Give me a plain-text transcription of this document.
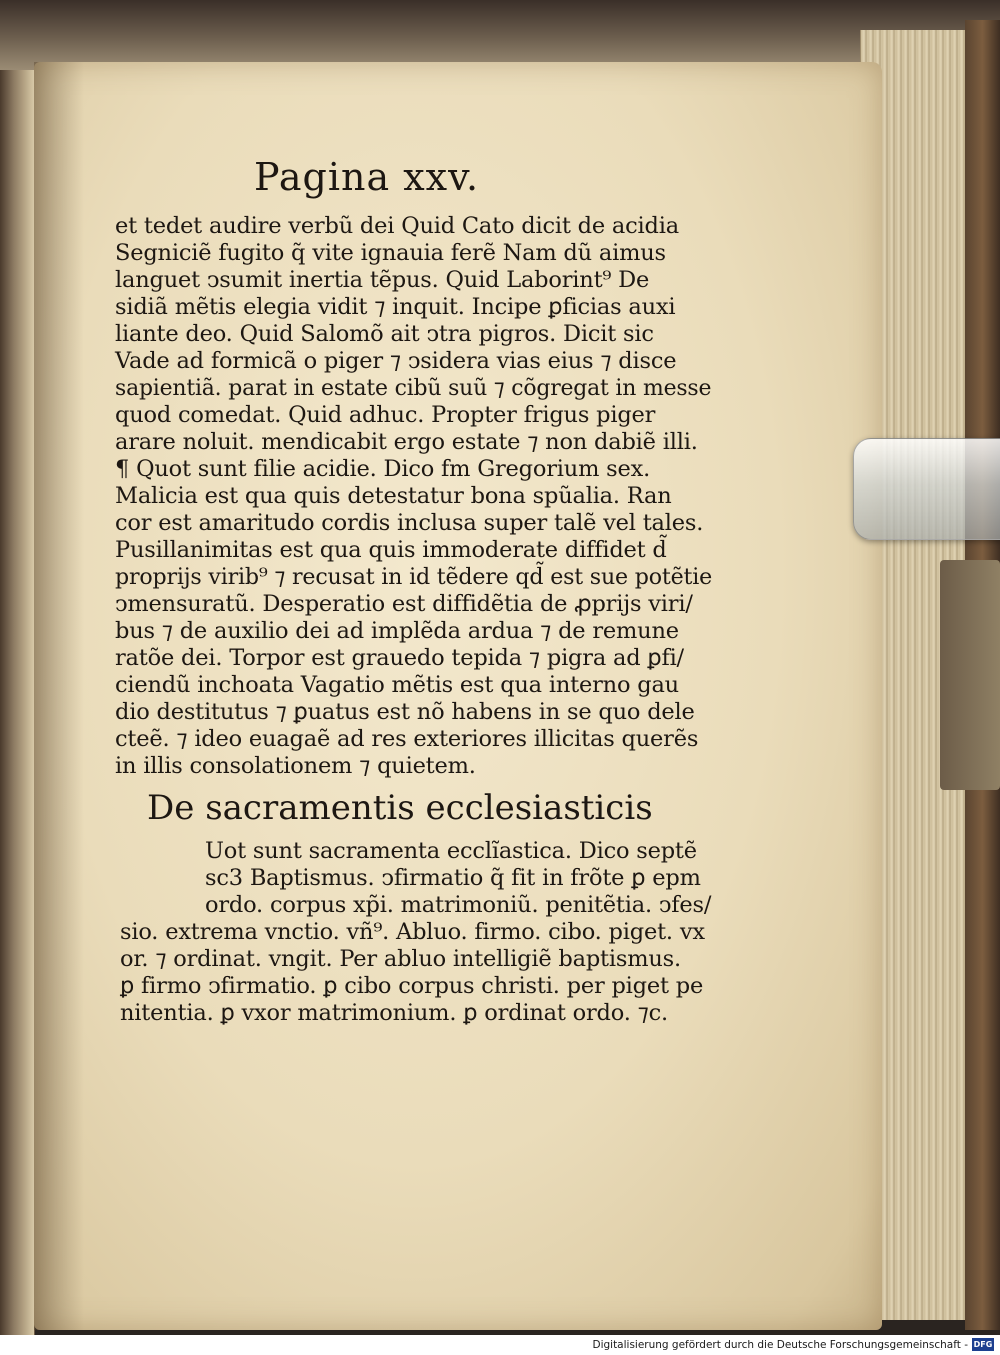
Pagina xxv.
et tedet audire verbũ dei Quid Cato dicit de acidia
Segniciẽ fugito q̃ vite ignauia ferẽ Nam dũ aimus
languet ↄsumit inertia tẽpus. Quid Laborint⁹ De
sidiã mẽtis elegia vidit ⁊ inquit. Incipe ꝑficias auxi
liante deo. Quid Salomõ ait ↄtra pigros. Dicit sic
Vade ad formicã o piger ⁊ ↄsidera vias eius ⁊ disce
sapientiã. parat in estate cibũ suũ ⁊ cõgregat in messe
quod comedat. Quid adhuc. Propter frigus piger
arare noluit. mendicabit ergo estate ⁊ non dabiẽ illi.
¶ Quot sunt filie acidie. Dico fm Gregorium sex.
Malicia est qua quis detestatur bona spũalia. Ran
cor est amaritudo cordis inclusa super talẽ vel tales.
Pusillanimitas est qua quis immoderate diffidet d̃
proprijs virib⁹ ⁊ recusat in id tẽdere qd̃ est sue potẽtie
ↄmensuratũ. Desperatio est diffidẽtia de ꝓprijs viri/
bus ⁊ de auxilio dei ad implẽda ardua ⁊ de remune
ratõe dei. Torpor est grauedo tepida ⁊ pigra ad ꝑfi/
ciendũ inchoata Vagatio mẽtis est qua interno gau
dio destitutus ⁊ ꝑuatus est nõ habens in se quo dele
cteẽ. ⁊ ideo euagaẽ ad res exteriores illicitas querẽs
in illis consolationem ⁊ quietem.
De sacramentis ecclesiasticis
Uot sunt sacramenta ecclĩastica. Dico septẽ
sc3 Baptismus. ↄfirmatio q̃ fit in frõte ꝑ epm
ordo. corpus xp̃i. matrimoniũ. penitẽtia. ↄfes/
sio. extrema vnctio. vñ⁹. Abluo. firmo. cibo. piget. vx
or. ⁊ ordinat. vngit. Per abluo intelligiẽ baptismus.
ꝑ firmo ↄfirmatio. ꝑ cibo corpus christi. per piget pe
nitentia. ꝑ vxor matrimonium. ꝑ ordinat ordo. ⁊c.
Digitalisierung gefördert durch die Deutsche Forschungsgemeinschaft - DFG
